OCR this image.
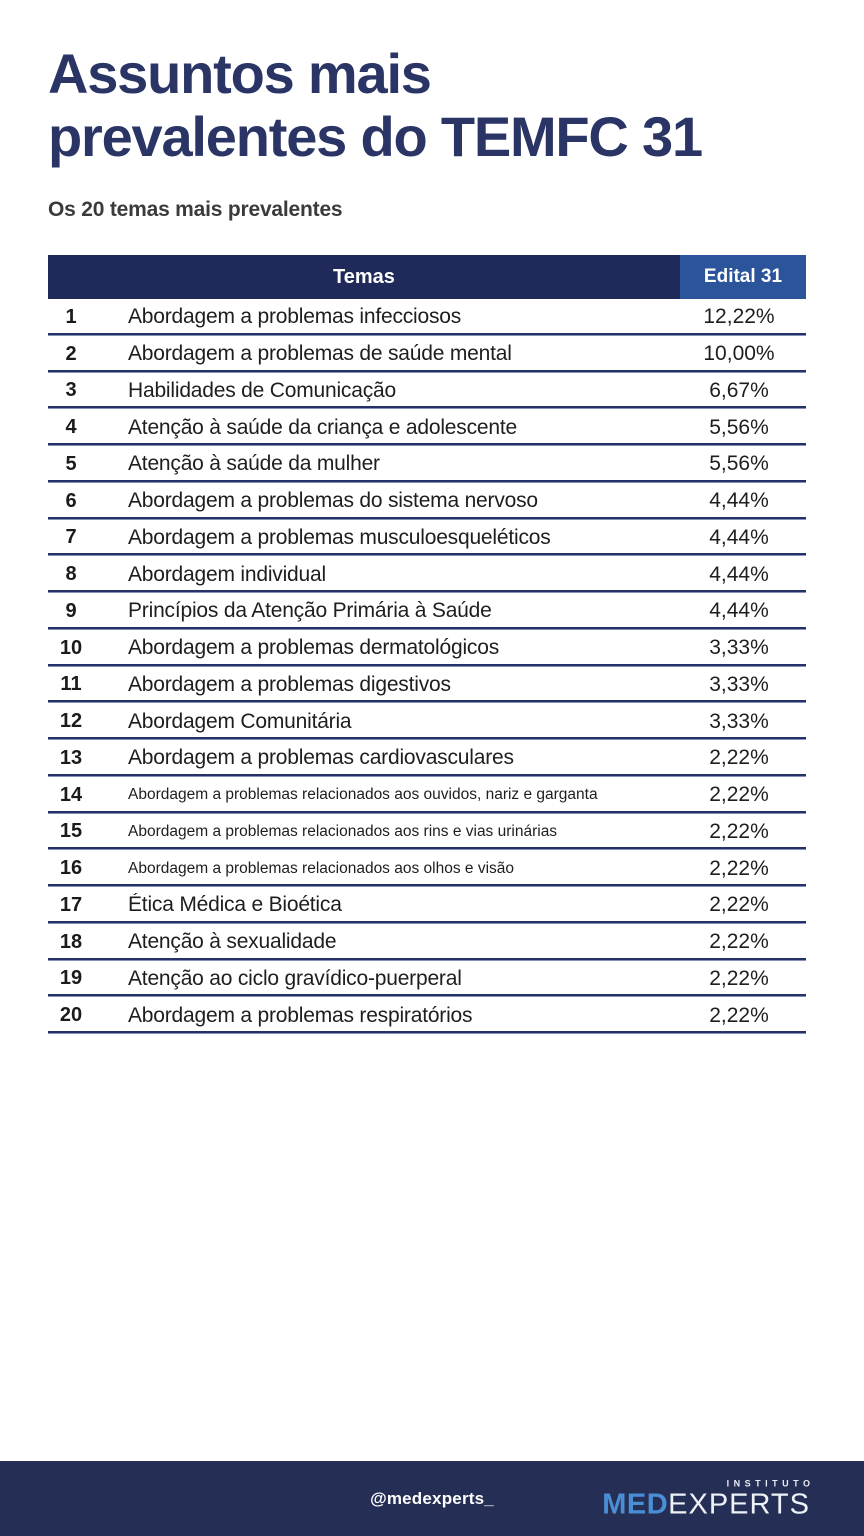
Assuntos mais
prevalentes do TEMFC 31
Os 20 temas mais prevalentes
Temas	Edital 31
1	Abordagem a problemas infecciosos	12,22%
2	Abordagem a problemas de saúde mental	10,00%
3	Habilidades de Comunicação	6,67%
4	Atenção à saúde da criança e adolescente	5,56%
5	Atenção à saúde da mulher	5,56%
6	Abordagem a problemas do sistema nervoso	4,44%
7	Abordagem a problemas musculoesqueléticos	4,44%
8	Abordagem individual	4,44%
9	Princípios da Atenção Primária à Saúde	4,44%
10	Abordagem a problemas dermatológicos	3,33%
11	Abordagem a problemas digestivos	3,33%
12	Abordagem Comunitária	3,33%
13	Abordagem a problemas cardiovasculares	2,22%
14	Abordagem a problemas relacionados aos ouvidos, nariz e garganta	2,22%
15	Abordagem a problemas relacionados aos rins e vias urinárias	2,22%
16	Abordagem a problemas relacionados aos olhos e visão	2,22%
17	Ética Médica e Bioética	2,22%
18	Atenção à sexualidade	2,22%
19	Atenção ao ciclo gravídico-puerperal	2,22%
20	Abordagem a problemas respiratórios	2,22%
@medexperts_
INSTITUTO
MEDEXPERTS
